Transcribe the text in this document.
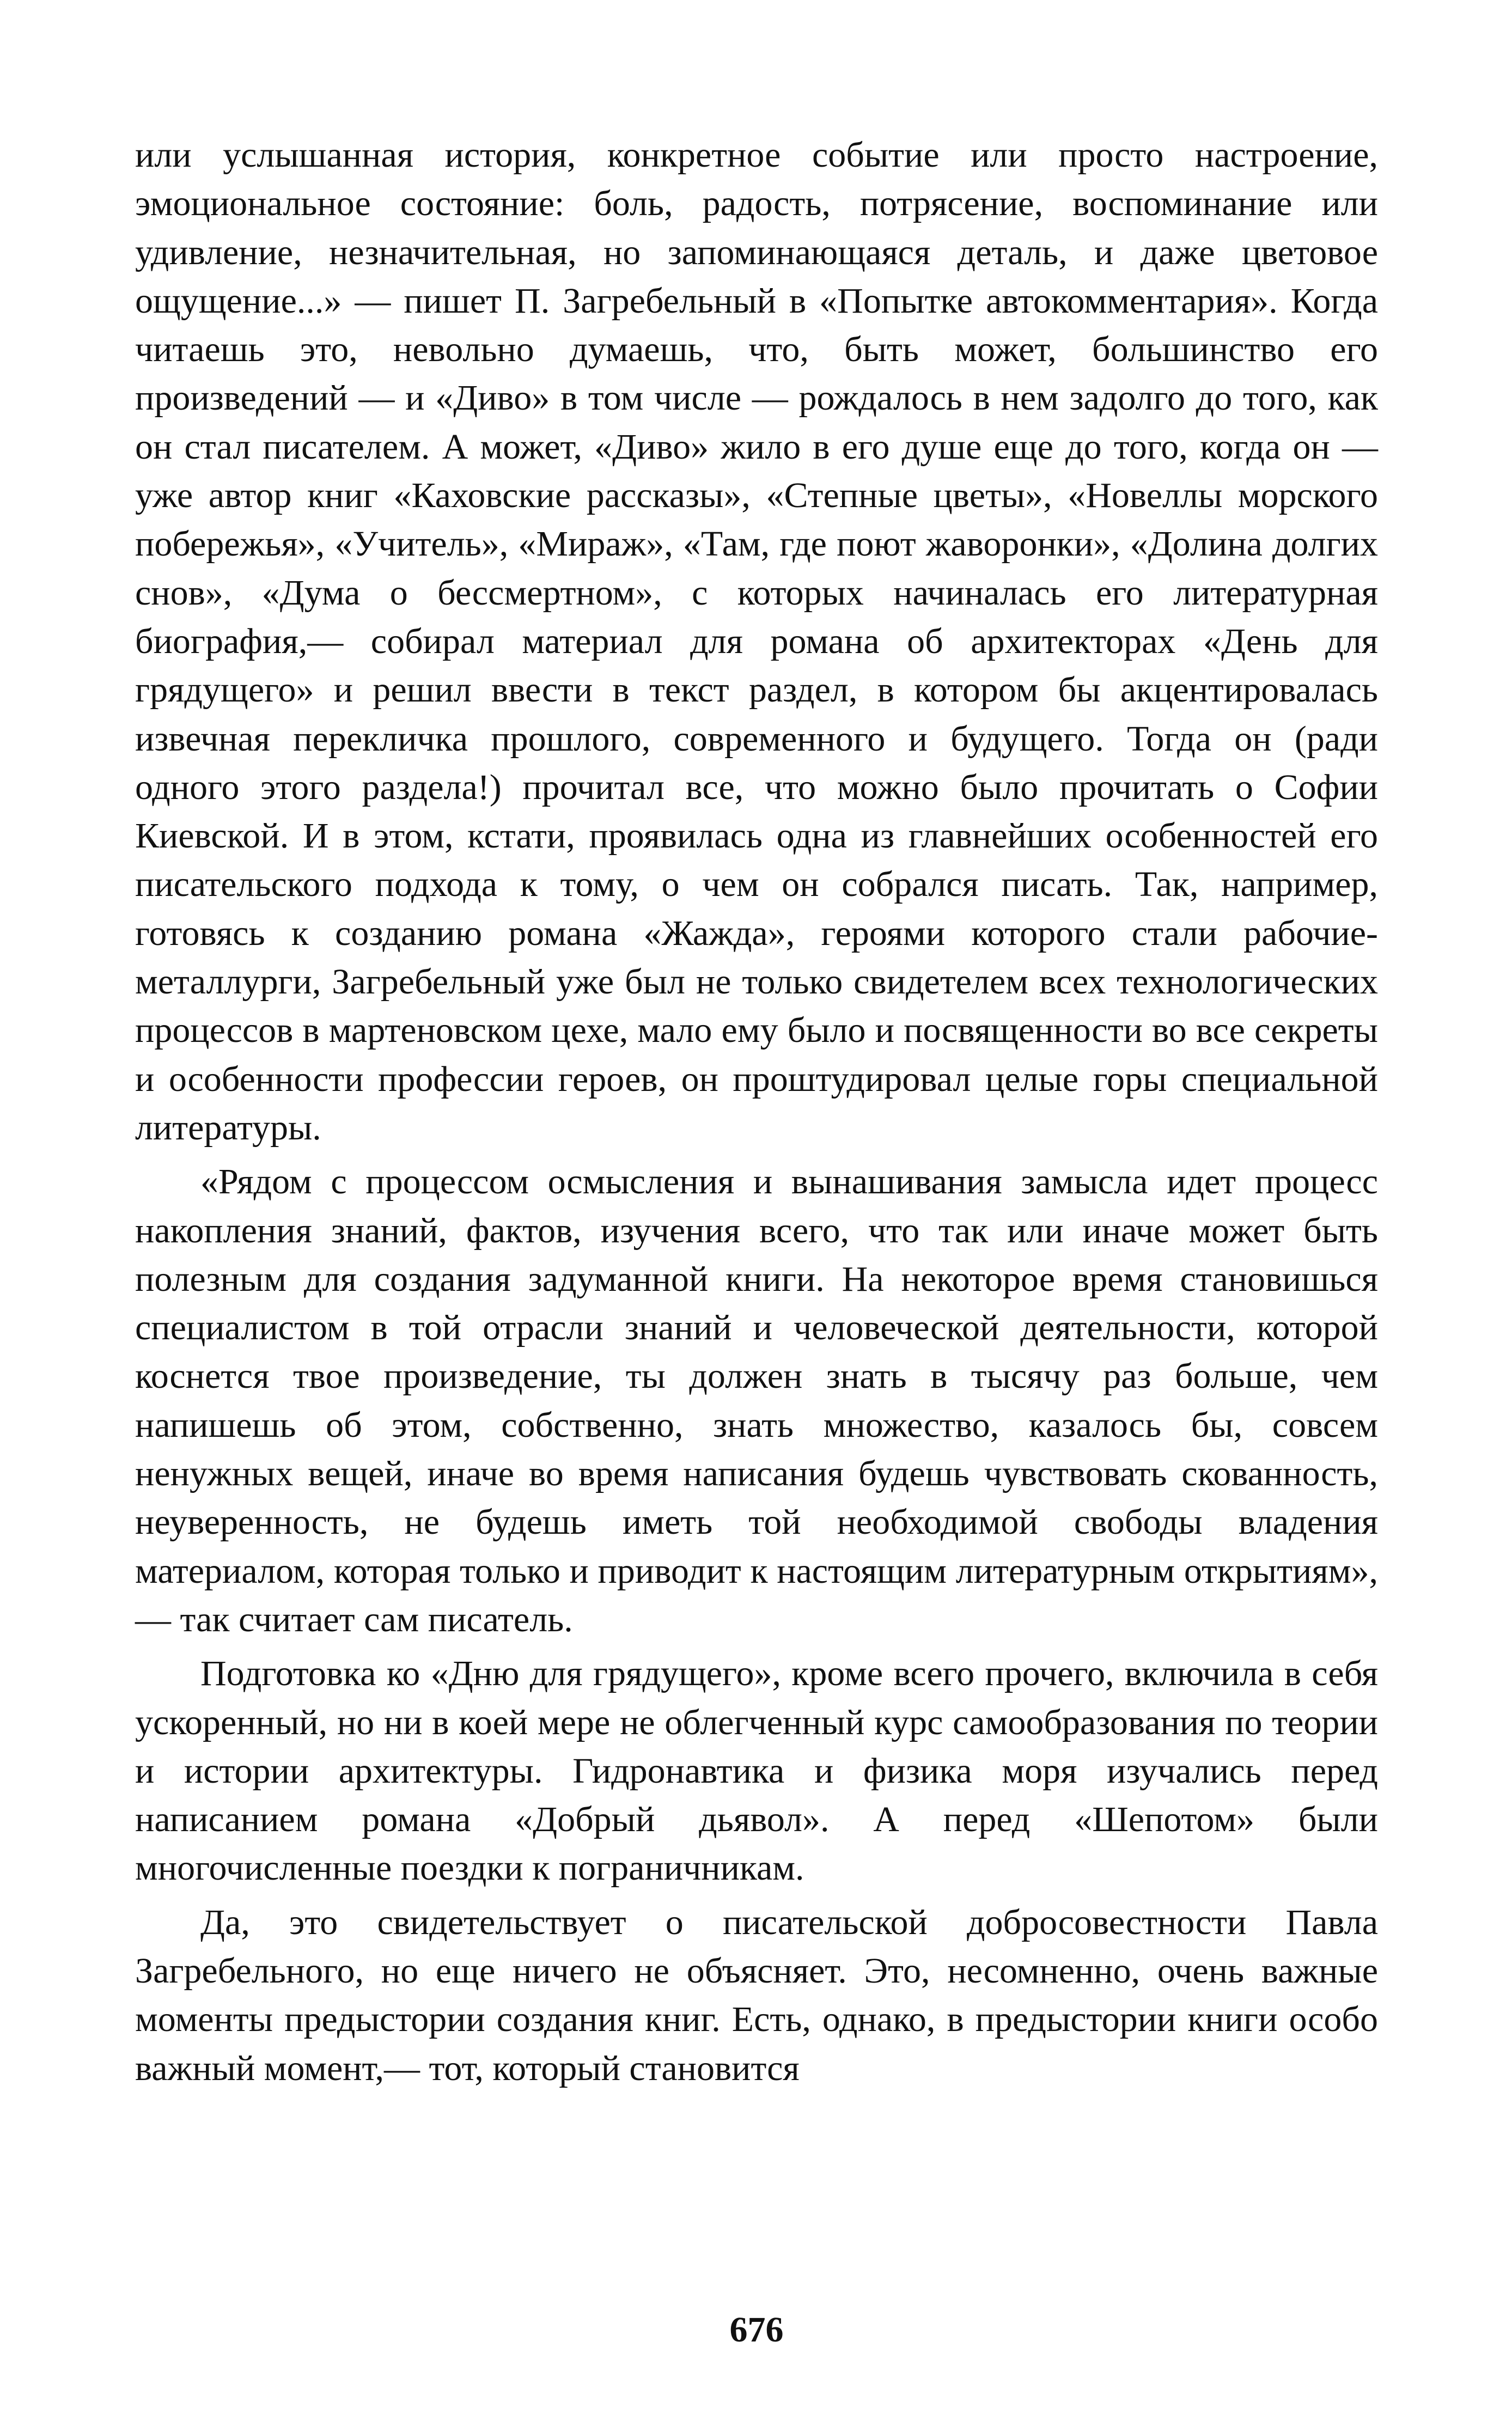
или услышанная история, конкретное событие или просто настроение, эмоциональное состояние: боль, радость, потрясение, воспоминание или удивление, незначительная, но запоминающаяся деталь, и даже цветовое ощущение...» — пишет П. Загребельный в «Попытке автокомментария». Когда читаешь это, невольно думаешь, что, быть может, большинство его произведений — и «Диво» в том числе — рождалось в нем задолго до того, как он стал писателем. А может, «Диво» жило в его душе еще до того, когда он — уже автор книг «Каховские рассказы», «Степные цветы», «Новеллы морского побережья», «Учитель», «Мираж», «Там, где поют жаворонки», «Долина долгих снов», «Дума о бессмертном», с которых начиналась его литературная биография,— собирал материал для романа об архитекторах «День для грядущего» и решил ввести в текст раздел, в котором бы акцентировалась извечная перекличка прошлого, современного и будущего. Тогда он (ради одного этого раздела!) прочитал все, что можно было прочитать о Софии Киевской. И в этом, кстати, проявилась одна из главнейших особенностей его писательского подхода к тому, о чем он собрался писать. Так, например, готовясь к созданию романа «Жажда», героями которого стали рабочие-металлурги, Загребельный уже был не только свидетелем всех технологических процессов в мартеновском цехе, мало ему было и посвященности во все секреты и особенности профессии героев, он проштудировал целые горы специальной литературы.

«Рядом с процессом осмысления и вынашивания замысла идет процесс накопления знаний, фактов, изучения всего, что так или иначе может быть полезным для создания задуманной книги. На некоторое время становишься специалистом в той отрасли знаний и человеческой деятельности, которой коснется твое произведение, ты должен знать в тысячу раз больше, чем напишешь об этом, собственно, знать множество, казалось бы, совсем ненужных вещей, иначе во время написания будешь чувствовать скованность, неуверенность, не будешь иметь той необходимой свободы владения материалом, которая только и приводит к настоящим литературным открытиям»,— так считает сам писатель.

Подготовка ко «Дню для грядущего», кроме всего прочего, включила в себя ускоренный, но ни в коей мере не облегченный курс самообразования по теории и истории архитектуры. Гидронавтика и физика моря изучались перед написанием романа «Добрый дьявол». А перед «Шепотом» были многочисленные поездки к пограничникам.

Да, это свидетельствует о писательской добросовестности Павла Загребельного, но еще ничего не объясняет. Это, несомненно, очень важные моменты предыстории создания книг. Есть, однако, в предыстории книги особо важный момент,— тот, который становится

676
